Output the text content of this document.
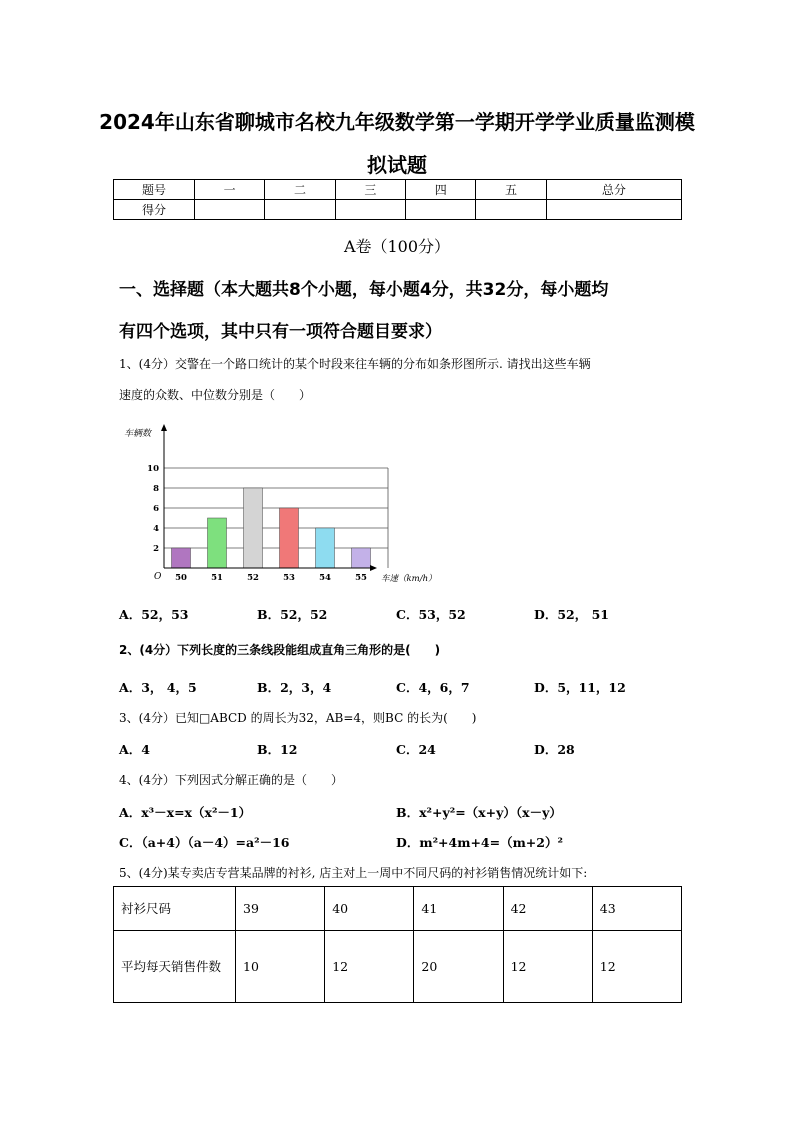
2024年山东省聊城市名校九年级数学第一学期开学学业质量监测模
拟试题
题号	一	二	三	四	五	总分
得分						
A卷（100分）
一、选择题（本大题共8个小题，每小题4分，共32分，每小题均
有四个选项，其中只有一项符合题目要求）
1、(4分）交警在一个路口统计的某个时段来往车辆的分布如条形图所示. 请找出这些车辆
速度的众数、中位数分别是（　　）
2
4
6
8
10
50	51	52	53	54	55
车辆数
车速（km/h）
O
A．52，53	B．52，52	C．53，52	D．52， 51
2、(4分）下列长度的三条线段能组成直角三角形的是(　　)
A．3， 4，5	B．2，3，4	C．4，6，7	D．5，11，12
3、(4分）已知□ABCD 的周长为32，AB=4，则BC 的长为(　　)
A．4	B．12	C．24	D．28
4、(4分）下列因式分解正确的是（　　）
A．x³－x=x（x²－1）	B．x²+y²=（x+y）（x－y）
C．（a+4）（a－4）=a²－16	D．m²+4m+4=（m+2）²
5、(4分)某专卖店专营某品牌的衬衫, 店主对上一周中不同尺码的衬衫销售情况统计如下:
衬衫尺码	39	40	41	42	43
平均每天销售件数	10	12	20	12	12
